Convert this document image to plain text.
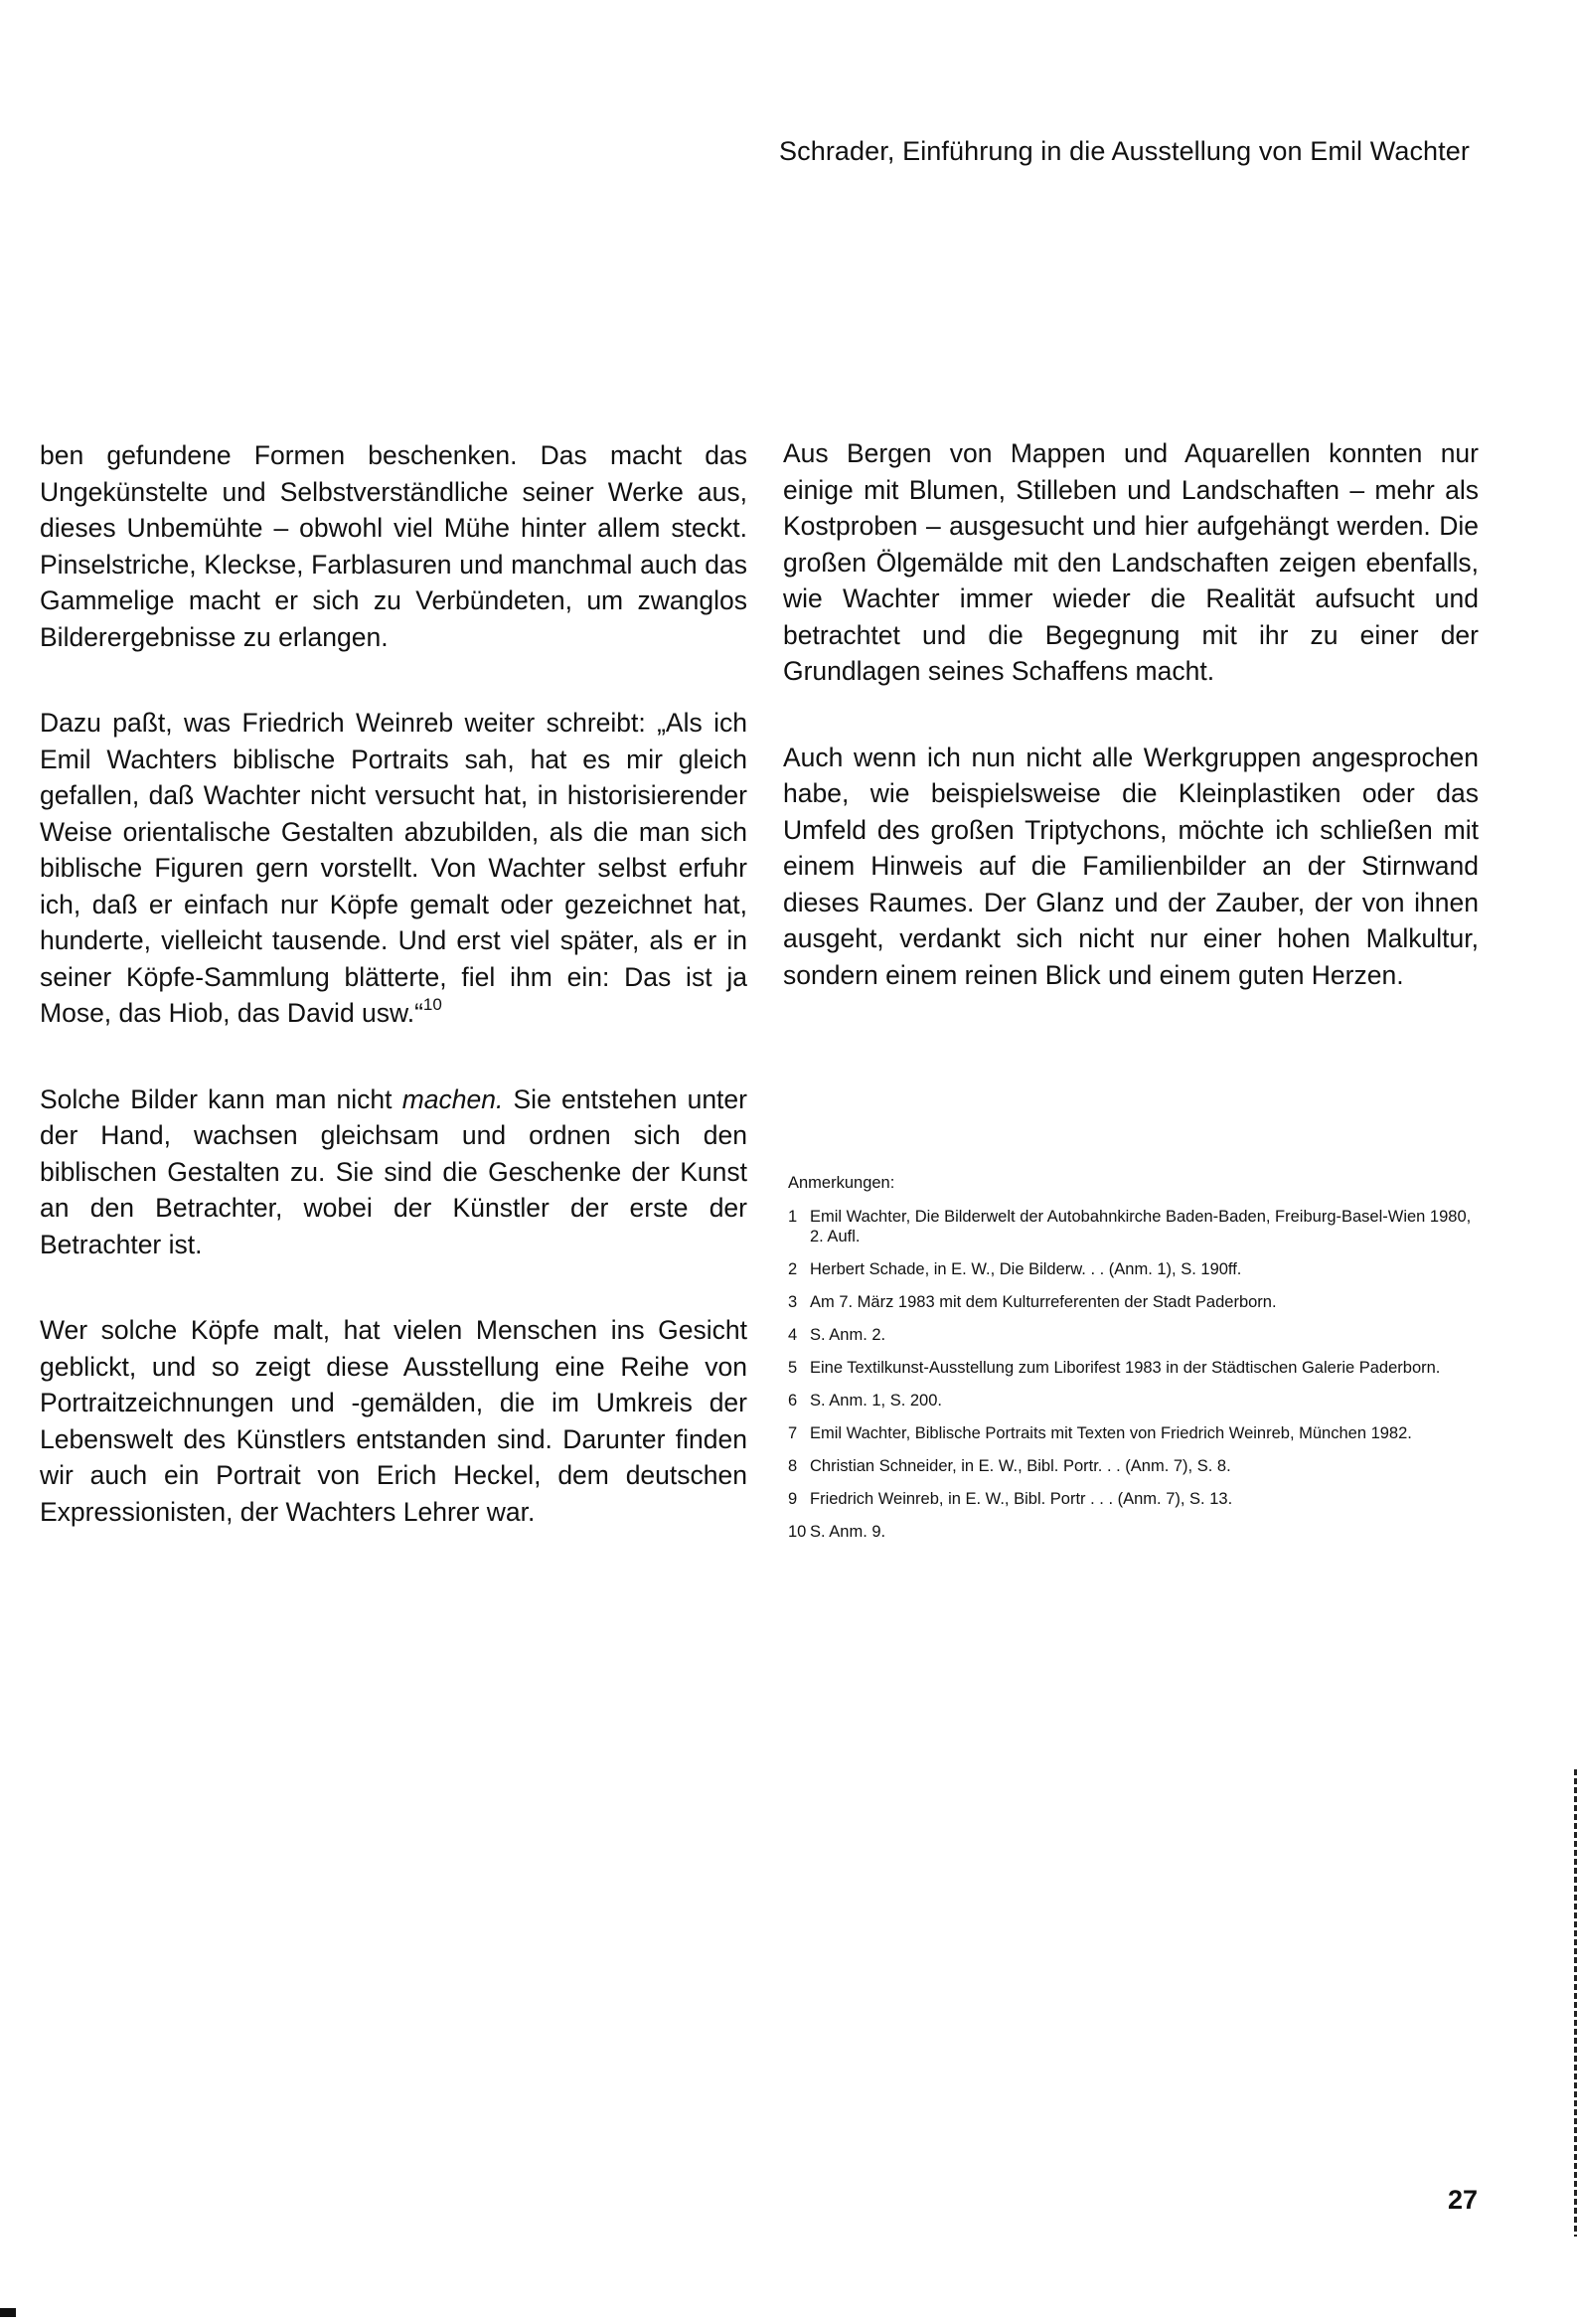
Schrader, Einführung in die Ausstellung von Emil Wachter

ben gefundene Formen beschenken. Das macht das Ungekünstelte und Selbstverständliche seiner Werke aus, dieses Unbemühte – obwohl viel Mühe hinter allem steckt. Pinselstriche, Kleckse, Farblasuren und manchmal auch das Gammelige macht er sich zu Verbündeten, um zwanglos Bilderergebnisse zu erlangen.

Dazu paßt, was Friedrich Weinreb weiter schreibt: „Als ich Emil Wachters biblische Portraits sah, hat es mir gleich gefallen, daß Wachter nicht versucht hat, in historisierender Weise orientalische Gestalten abzubilden, als die man sich biblische Figuren gern vorstellt. Von Wachter selbst erfuhr ich, daß er einfach nur Köpfe gemalt oder gezeichnet hat, hunderte, vielleicht tausende. Und erst viel später, als er in seiner Köpfe-Sammlung blätterte, fiel ihm ein: Das ist ja Mose, das Hiob, das David usw.“$^{10}$

Solche Bilder kann man nicht machen. Sie entstehen unter der Hand, wachsen gleichsam und ordnen sich den biblischen Gestalten zu. Sie sind die Geschenke der Kunst an den Betrachter, wobei der Künstler der erste der Betrachter ist.

Wer solche Köpfe malt, hat vielen Menschen ins Gesicht geblickt, und so zeigt diese Ausstellung eine Reihe von Portraitzeichnungen und -gemälden, die im Umkreis der Lebenswelt des Künstlers entstanden sind. Darunter finden wir auch ein Portrait von Erich Heckel, dem deutschen Expressionisten, der Wachters Lehrer war.

Aus Bergen von Mappen und Aquarellen konnten nur einige mit Blumen, Stilleben und Landschaften – mehr als Kostproben – ausgesucht und hier aufgehängt werden. Die großen Ölgemälde mit den Landschaften zeigen ebenfalls, wie Wachter immer wieder die Realität aufsucht und betrachtet und die Begegnung mit ihr zu einer der Grundlagen seines Schaffens macht.

Auch wenn ich nun nicht alle Werkgruppen angesprochen habe, wie beispielsweise die Kleinplastiken oder das Umfeld des großen Triptychons, möchte ich schließen mit einem Hinweis auf die Familienbilder an der Stirnwand dieses Raumes. Der Glanz und der Zauber, der von ihnen ausgeht, verdankt sich nicht nur einer hohen Malkultur, sondern einem reinen Blick und einem guten Herzen.

Anmerkungen:
1 Emil Wachter, Die Bilderwelt der Autobahnkirche Baden-Baden, Freiburg-Basel-Wien 1980, 2. Aufl.
2 Herbert Schade, in E. W., Die Bilderw. . . (Anm. 1), S. 190ff.
3 Am 7. März 1983 mit dem Kulturreferenten der Stadt Paderborn.
4 S. Anm. 2.
5 Eine Textilkunst-Ausstellung zum Liborifest 1983 in der Städtischen Galerie Paderborn.
6 S. Anm. 1, S. 200.
7 Emil Wachter, Biblische Portraits mit Texten von Friedrich Weinreb, München 1982.
8 Christian Schneider, in E. W., Bibl. Portr. . . (Anm. 7), S. 8.
9 Friedrich Weinreb, in E. W., Bibl. Portr . . . (Anm. 7), S. 13.
10 S. Anm. 9.
27
